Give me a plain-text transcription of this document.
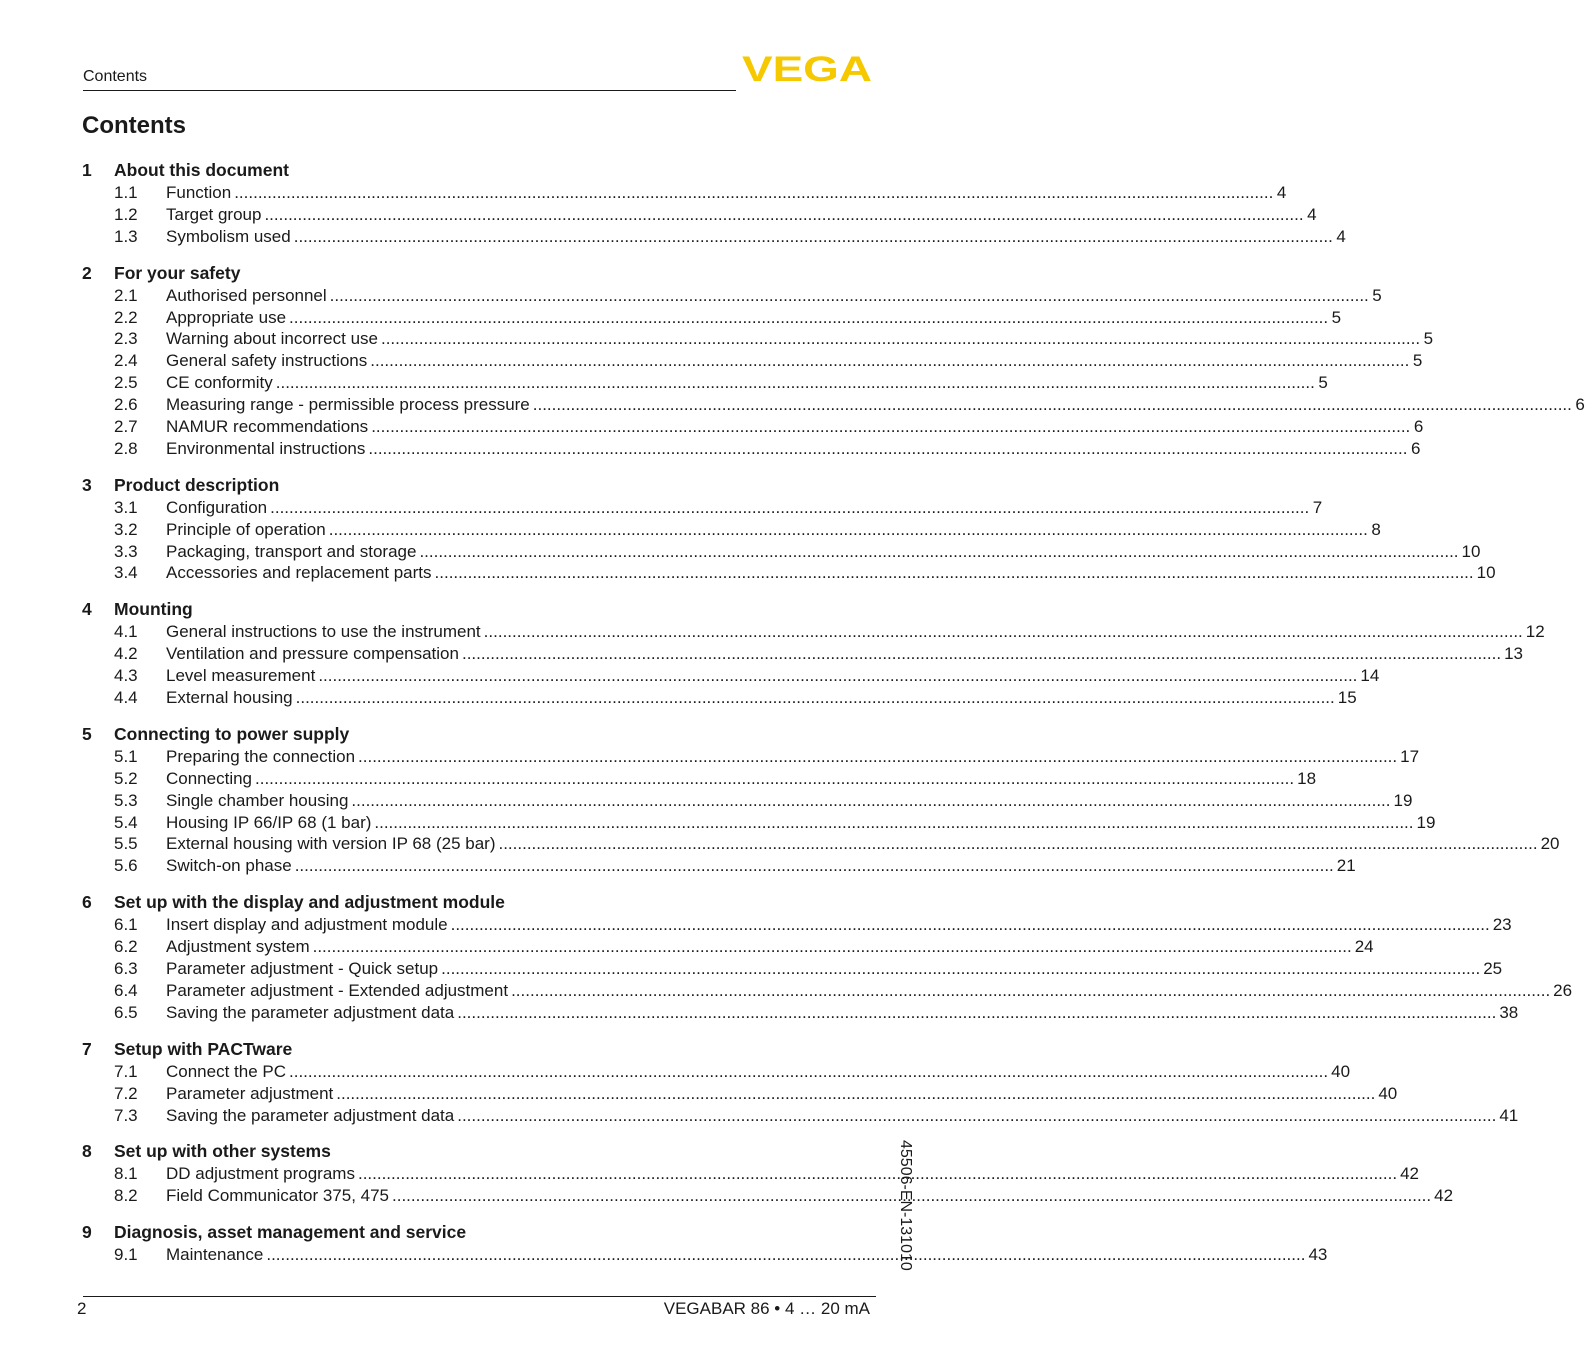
Contents	VEGA
Contents
1	About this document
1.1	Function ............................................................................................................................................................................................................................ 4
1.2	Target group ............................................................................................................................................................................................................................ 4
1.3	Symbolism used ............................................................................................................................................................................................................................ 4
2	For your safety
2.1	Authorised personnel ............................................................................................................................................................................................................................ 5
2.2	Appropriate use ............................................................................................................................................................................................................................ 5
2.3	Warning about incorrect use ............................................................................................................................................................................................................................ 5
2.4	General safety instructions ............................................................................................................................................................................................................................ 5
2.5	CE conformity ............................................................................................................................................................................................................................ 5
2.6	Measuring range - permissible process pressure ............................................................................................................................................................................................................................ 6
2.7	NAMUR recommendations ............................................................................................................................................................................................................................ 6
2.8	Environmental instructions ............................................................................................................................................................................................................................ 6
3	Product description
3.1	Configuration ............................................................................................................................................................................................................................ 7
3.2	Principle of operation ............................................................................................................................................................................................................................ 8
3.3	Packaging, transport and storage ............................................................................................................................................................................................................................ 10
3.4	Accessories and replacement parts ............................................................................................................................................................................................................................ 10
4	Mounting
4.1	General instructions to use the instrument ............................................................................................................................................................................................................................ 12
4.2	Ventilation and pressure compensation ............................................................................................................................................................................................................................ 13
4.3	Level measurement ............................................................................................................................................................................................................................ 14
4.4	External housing ............................................................................................................................................................................................................................ 15
5	Connecting to power supply
5.1	Preparing the connection ............................................................................................................................................................................................................................ 17
5.2	Connecting ............................................................................................................................................................................................................................ 18
5.3	Single chamber housing ............................................................................................................................................................................................................................ 19
5.4	Housing IP 66/IP 68 (1 bar) ............................................................................................................................................................................................................................ 19
5.5	External housing with version IP 68 (25 bar) ............................................................................................................................................................................................................................ 20
5.6	Switch-on phase ............................................................................................................................................................................................................................ 21
6	Set up with the display and adjustment module
6.1	Insert display and adjustment module ............................................................................................................................................................................................................................ 23
6.2	Adjustment system ............................................................................................................................................................................................................................ 24
6.3	Parameter adjustment - Quick setup ............................................................................................................................................................................................................................ 25
6.4	Parameter adjustment - Extended adjustment ............................................................................................................................................................................................................................ 26
6.5	Saving the parameter adjustment data ............................................................................................................................................................................................................................ 38
7	Setup with PACTware
7.1	Connect the PC ............................................................................................................................................................................................................................ 40
7.2	Parameter adjustment ............................................................................................................................................................................................................................ 40
7.3	Saving the parameter adjustment data ............................................................................................................................................................................................................................ 41
8	Set up with other systems
8.1	DD adjustment programs ............................................................................................................................................................................................................................ 42
8.2	Field Communicator 375, 475 ............................................................................................................................................................................................................................ 42
9	Diagnosis, asset management and service
9.1	Maintenance ............................................................................................................................................................................................................................ 43
45506-EN-131010
2	VEGABAR 86 • 4 … 20 mA
